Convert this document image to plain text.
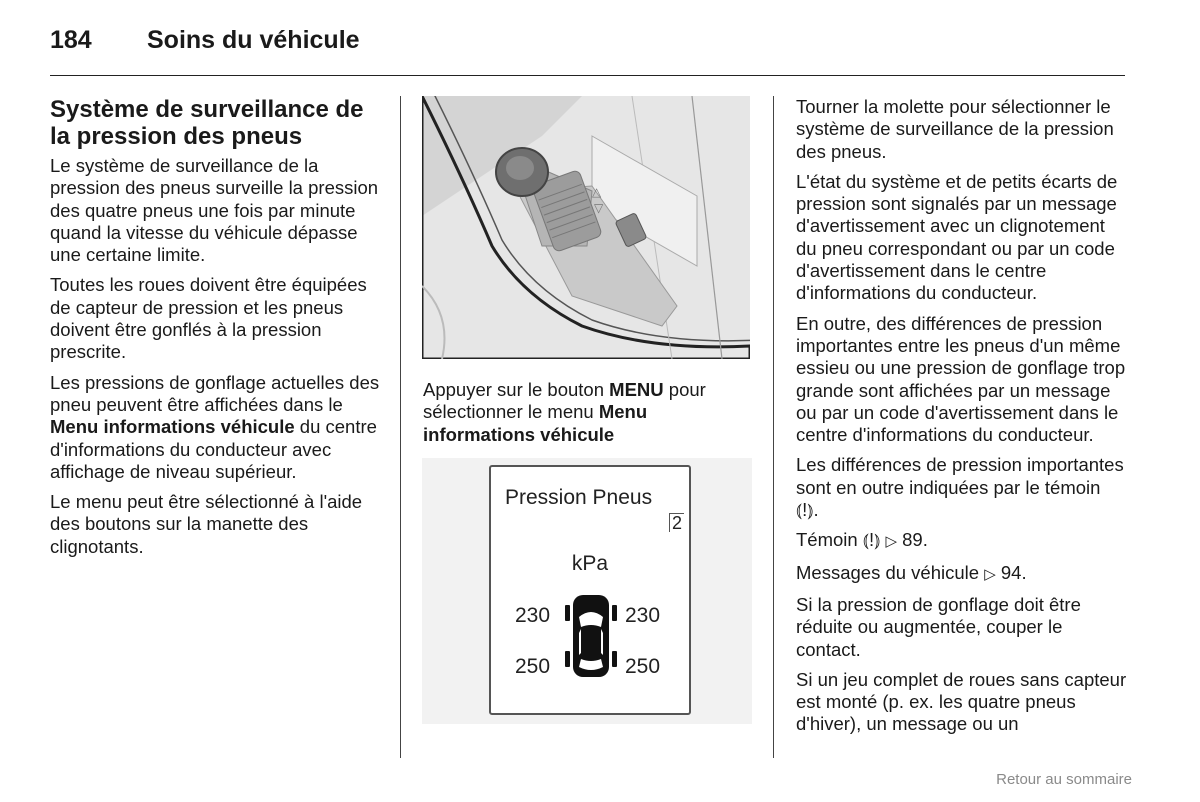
184 Soins du véhicule
Système de surveillance de la pression des pneus

Le système de surveillance de la pression des pneus surveille la pression des quatre pneus une fois par minute quand la vitesse du véhicule dépasse une certaine limite.

Toutes les roues doivent être équipées de capteur de pression et les pneus doivent être gonflés à la pression prescrite.

Les pressions de gonflage actuelles des pneu peuvent être affichées dans le Menu informations véhicule du centre d'informations du conducteur avec affichage de niveau supérieur.

Le menu peut être sélectionné à l'aide des boutons sur la manette des clignotants.

△
▽
Appuyer sur le bouton MENU pour sélectionner le menu Menu informations véhicule
Pression Pneus
2
kPa
230	230
250	250

Tourner la molette pour sélectionner le système de surveillance de la pression des pneus.

L'état du système et de petits écarts de pression sont signalés par un message d'avertissement avec un clignotement du pneu correspondant ou par un code d'avertissement dans le centre d'informations du conducteur.

En outre, des différences de pression importantes entre les pneus d'un même essieu ou une pression de gonflage trop grande sont affichées par un message ou par un code d'avertissement dans le centre d'informations du conducteur.

Les différences de pression importantes sont en outre indiquées par le témoin ⦅!⦆.

Témoin ⦅!⦆ ▷ 89.

Messages du véhicule ▷ 94.

Si la pression de gonflage doit être réduite ou augmentée, couper le contact.

Si un jeu complet de roues sans capteur est monté (p. ex. les quatre pneus d'hiver), un message ou un

Retour au sommaire
